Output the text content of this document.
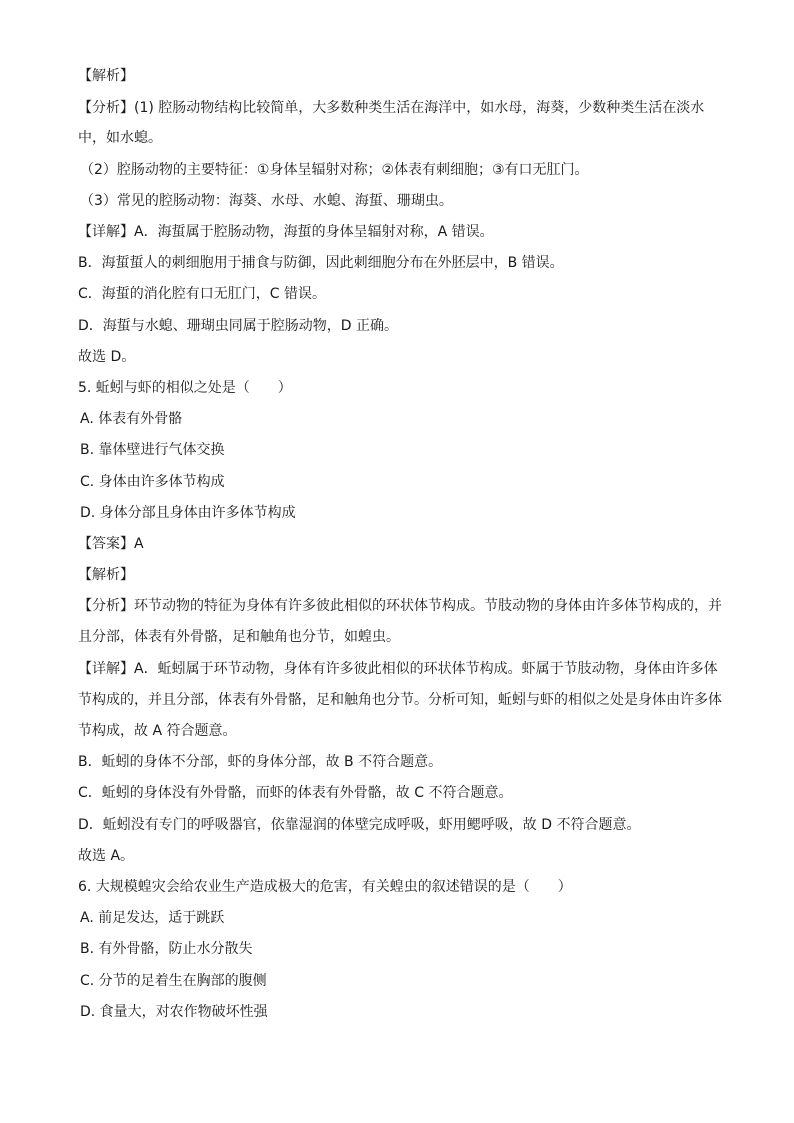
【解析】
【分析】(1) 腔肠动物结构比较简单，大多数种类生活在海洋中，如水母，海葵，少数种类生活在淡水
中，如水螅。
（2）腔肠动物的主要特征：①身体呈辐射对称；②体表有刺细胞；③有口无肛门。
（3）常见的腔肠动物：海葵、水母、水螅、海蜇、珊瑚虫。
【详解】A．海蜇属于腔肠动物，海蜇的身体呈辐射对称，A 错误。
B．海蜇蜇人的刺细胞用于捕食与防御，因此刺细胞分布在外胚层中，B 错误。
C．海蜇的消化腔有口无肛门，C 错误。
D．海蜇与水螅、珊瑚虫同属于腔肠动物，D 正确。
故选 D。
5. 蚯蚓与虾的相似之处是（　　）
A. 体表有外骨骼
B. 靠体壁进行气体交换
C. 身体由许多体节构成
D. 身体分部且身体由许多体节构成
【答案】A
【解析】
【分析】环节动物的特征为身体有许多彼此相似的环状体节构成。节肢动物的身体由许多体节构成的，并
且分部，体表有外骨骼，足和触角也分节，如蝗虫。
【详解】A．蚯蚓属于环节动物，身体有许多彼此相似的环状体节构成。虾属于节肢动物，身体由许多体
节构成的，并且分部，体表有外骨骼，足和触角也分节。分析可知，蚯蚓与虾的相似之处是身体由许多体
节构成，故 A 符合题意。
B．蚯蚓的身体不分部，虾的身体分部，故 B 不符合题意。
C．蚯蚓的身体没有外骨骼，而虾的体表有外骨骼，故 C 不符合题意。
D．蚯蚓没有专门的呼吸器官，依靠湿润的体壁完成呼吸，虾用鳃呼吸，故 D 不符合题意。
故选 A。
6. 大规模蝗灾会给农业生产造成极大的危害，有关蝗虫的叙述错误的是（　　）
A. 前足发达，适于跳跃
B. 有外骨骼，防止水分散失
C. 分节的足着生在胸部的腹侧
D. 食量大，对农作物破坏性强
